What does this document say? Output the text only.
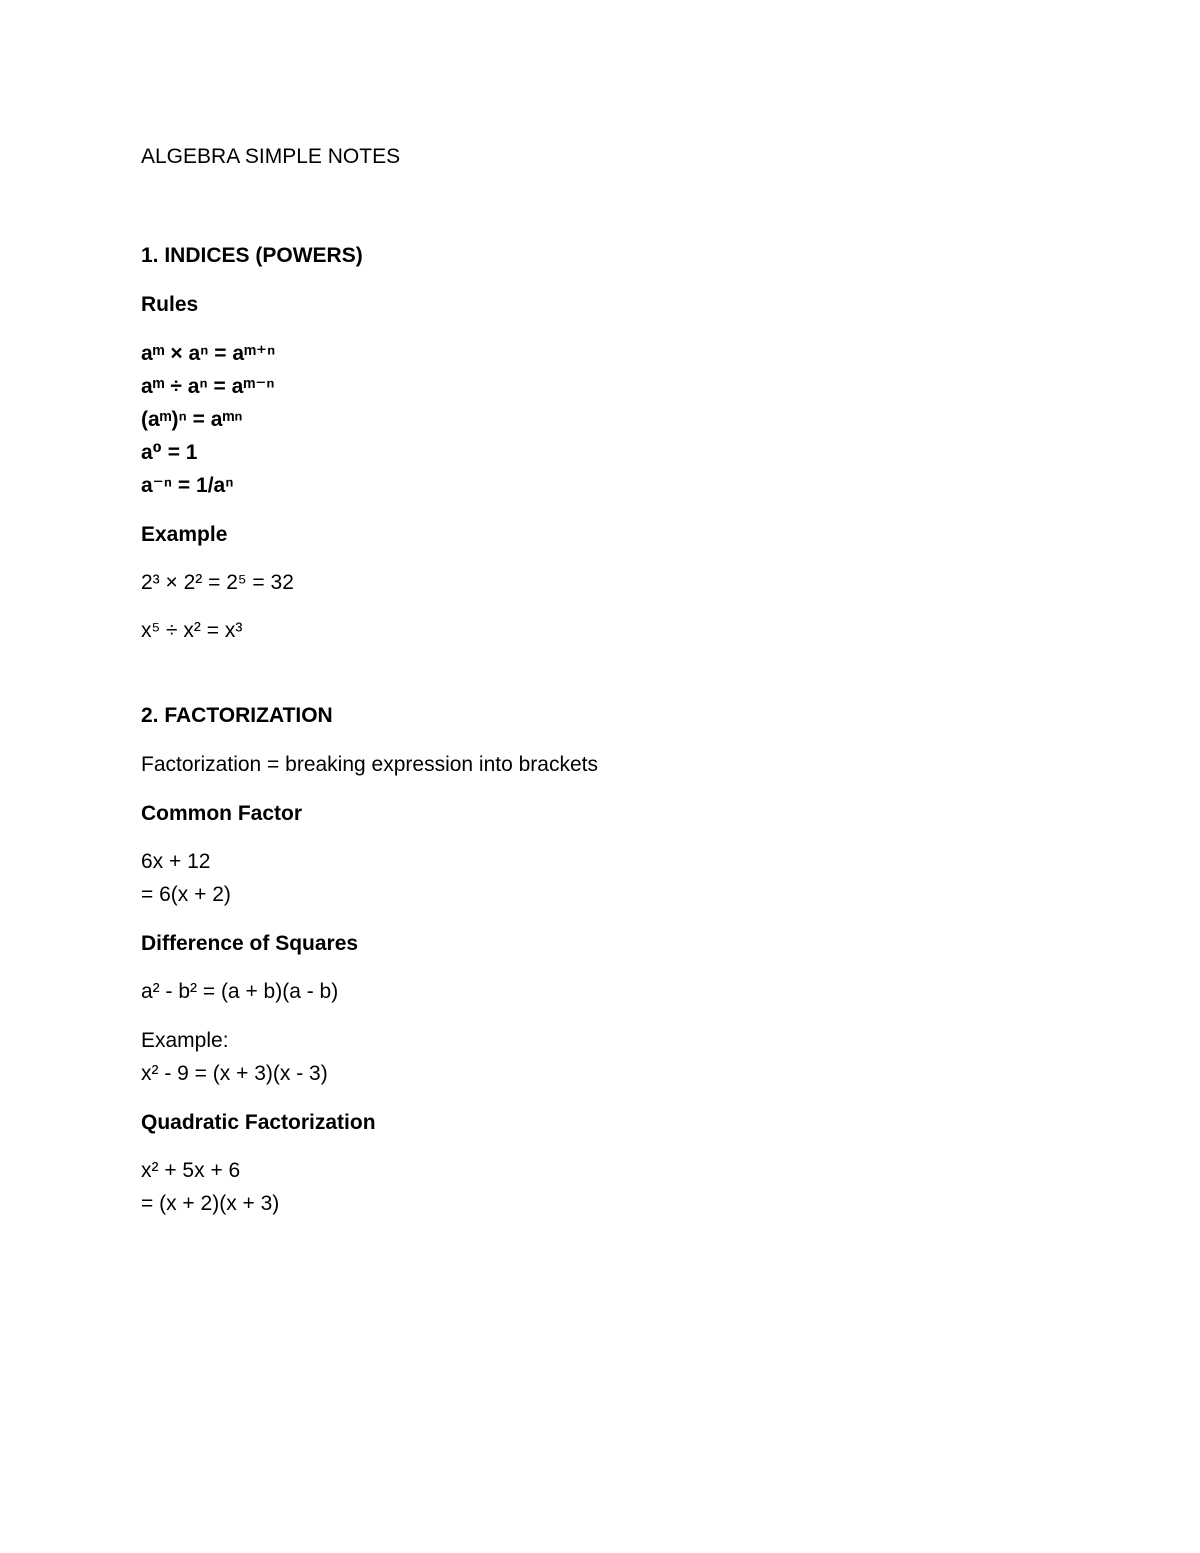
ALGEBRA SIMPLE NOTES

1. INDICES (POWERS)

Rules

aᵐ × aⁿ = aᵐ⁺ⁿ

aᵐ ÷ aⁿ = aᵐ⁻ⁿ

(aᵐ)ⁿ = aᵐⁿ

a⁰ = 1

a⁻ⁿ = 1/aⁿ

Example

2³ × 2² = 2⁵ = 32

x⁵ ÷ x² = x³

2. FACTORIZATION

Factorization = breaking expression into brackets

Common Factor

6x + 12

= 6(x + 2)

Difference of Squares

a² - b² = (a + b)(a - b)

Example:

x² - 9 = (x + 3)(x - 3)

Quadratic Factorization

x² + 5x + 6

= (x + 2)(x + 3)
